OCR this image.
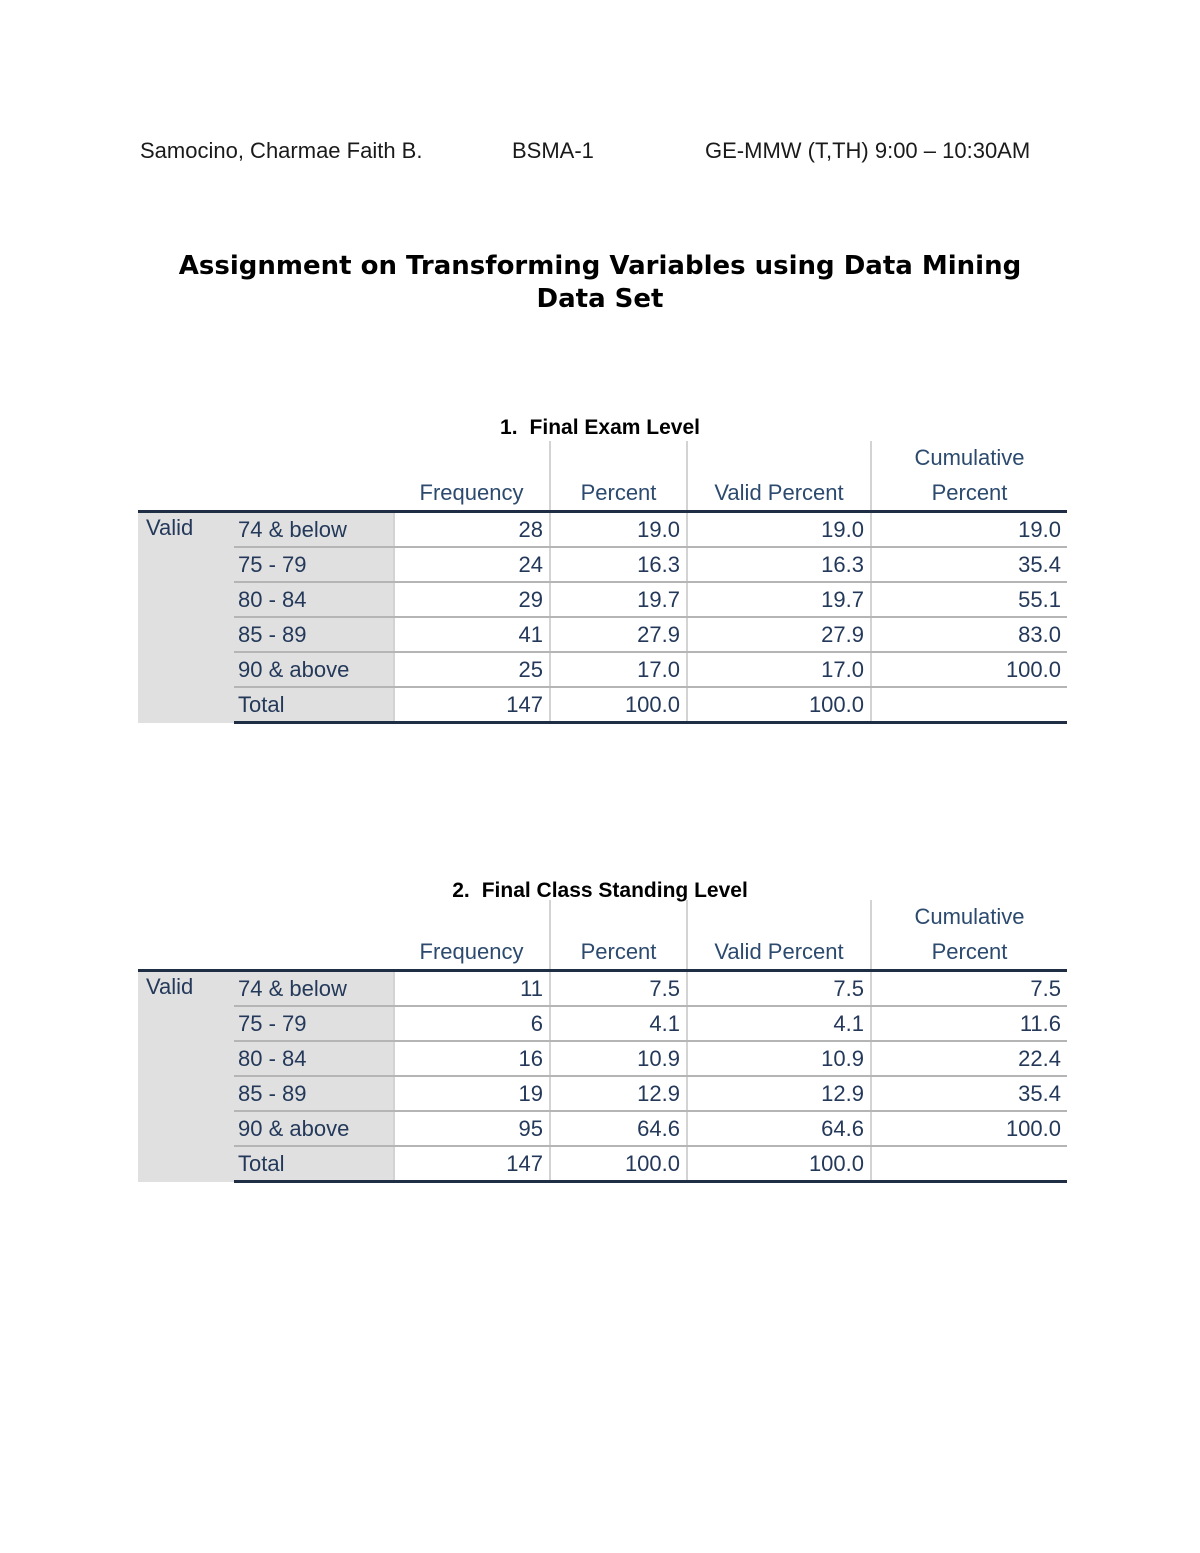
Samocino, Charmae Faith B.	BSMA-1	GE-MMW (T,TH) 9:00 – 10:30AM
Assignment on Transforming Variables using Data Mining
Data Set
1. Final Exam Level
					Cumulative
		Frequency	Percent	Valid Percent	Percent
Valid	74 & below	28	19.0	19.0	19.0
	75 - 79	24	16.3	16.3	35.4
	80 - 84	29	19.7	19.7	55.1
	85 - 89	41	27.9	27.9	83.0
	90 & above	25	17.0	17.0	100.0
	Total	147	100.0	100.0	
2. Final Class Standing Level
					Cumulative
		Frequency	Percent	Valid Percent	Percent
Valid	74 & below	11	7.5	7.5	7.5
	75 - 79	6	4.1	4.1	11.6
	80 - 84	16	10.9	10.9	22.4
	85 - 89	19	12.9	12.9	35.4
	90 & above	95	64.6	64.6	100.0
	Total	147	100.0	100.0	
